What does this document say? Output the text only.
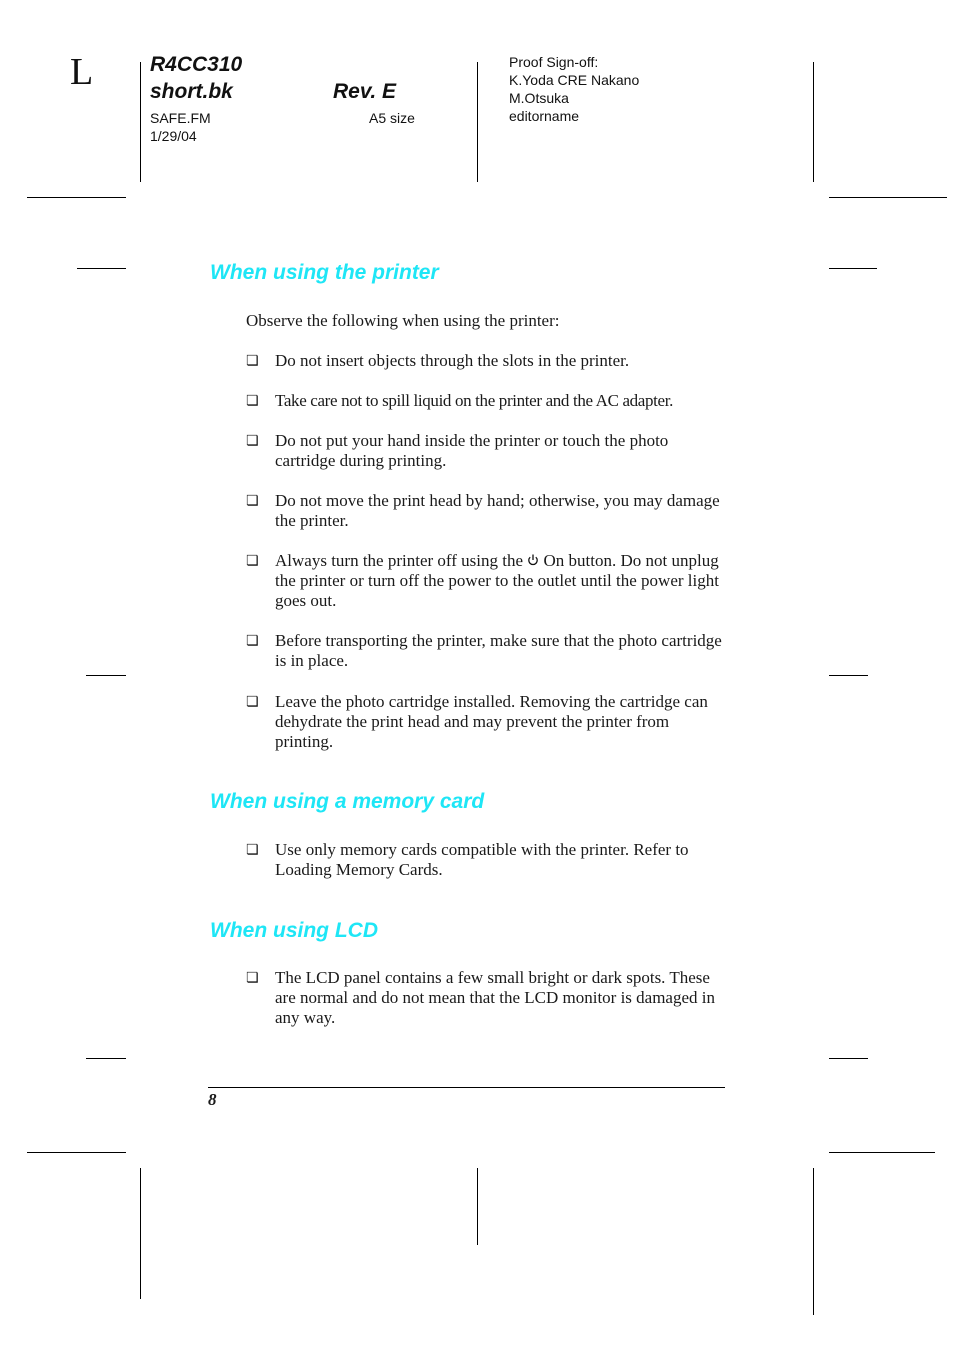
L	R4CC310
short.bk	Rev. E
SAFE.FM
1/29/04
A5 size
Proof Sign-off:
K.Yoda CRE Nakano
M.Otsuka
editorname
When using the printer
Observe the following when using the printer:
❏ Do not insert objects through the slots in the printer.
❏ Take care not to spill liquid on the printer and the AC adapter.
❏ Do not put your hand inside the printer or touch the photo cartridge during printing.
❏ Do not move the print head by hand; otherwise, you may damage the printer.
❏ Always turn the printer off using the On button. Do not unplug the printer or turn off the power to the outlet until the power light goes out.
❏ Before transporting the printer, make sure that the photo cartridge is in place.
❏ Leave the photo cartridge installed. Removing the cartridge can dehydrate the print head and may prevent the printer from printing.
When using a memory card
❏ Use only memory cards compatible with the printer. Refer to Loading Memory Cards.
When using LCD
❏ The LCD panel contains a few small bright or dark spots. These are normal and do not mean that the LCD monitor is damaged in any way.
8
